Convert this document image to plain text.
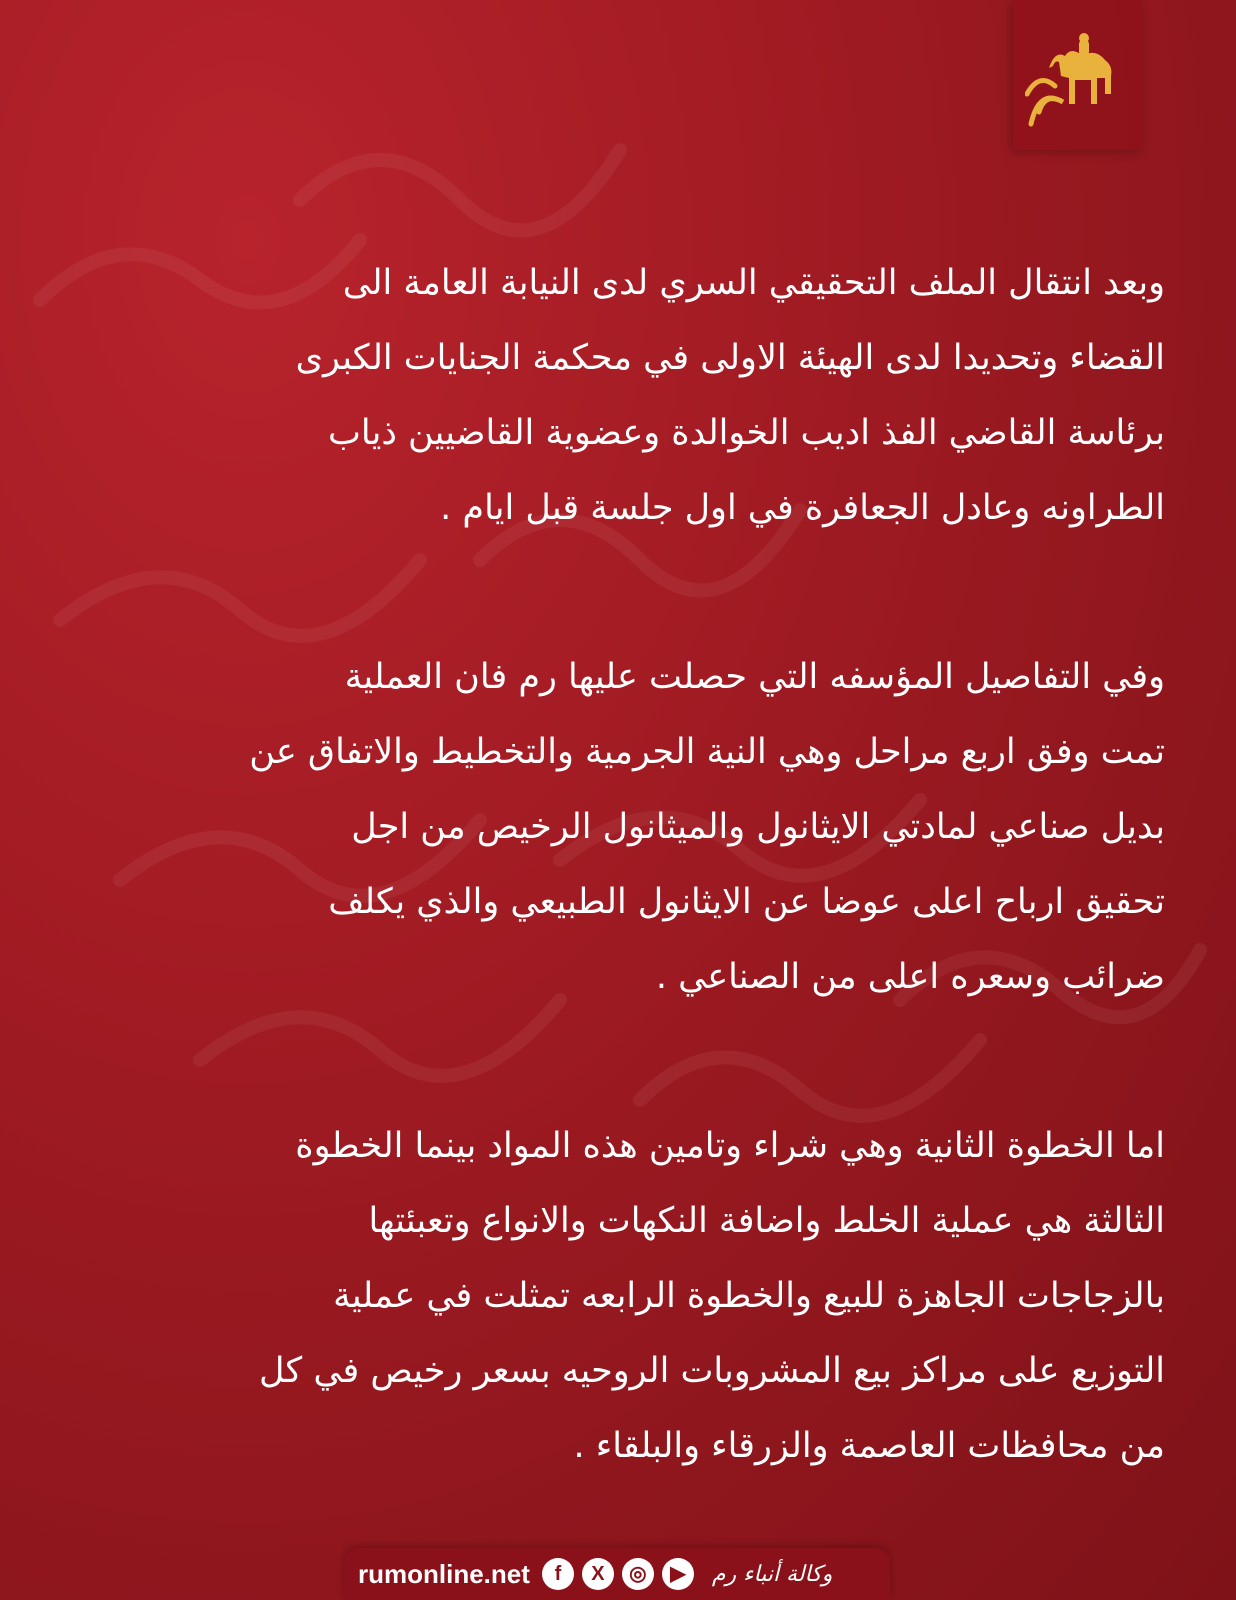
وبعد انتقال الملف التحقيقي السري لدى النيابة العامة الى
القضاء وتحديدا لدى الهيئة الاولى في محكمة الجنايات الكبرى
برئاسة القاضي الفذ اديب الخوالدة وعضوية القاضيين ذياب
الطراونه وعادل الجعافرة في اول جلسة قبل ايام .

وفي التفاصيل المؤسفه التي حصلت عليها رم فان العملية
تمت وفق اربع مراحل وهي النية الجرمية والتخطيط والاتفاق عن
بديل صناعي لمادتي الايثانول والميثانول الرخيص من اجل
تحقيق ارباح اعلى عوضا عن الايثانول الطبيعي والذي يكلف
ضرائب وسعره اعلى من الصناعي .

اما الخطوة الثانية وهي شراء وتامين هذه المواد بينما الخطوة
الثالثة هي عملية الخلط واضافة النكهات والانواع وتعبئتها
بالزجاجات الجاهزة للبيع والخطوة الرابعه تمثلت في عملية
التوزيع على مراكز بيع المشروبات الروحيه بسعر رخيص في كل
من محافظات العاصمة والزرقاء والبلقاء .

rumonline.net	f	X	◎	▶	وكالة أنباء رم
